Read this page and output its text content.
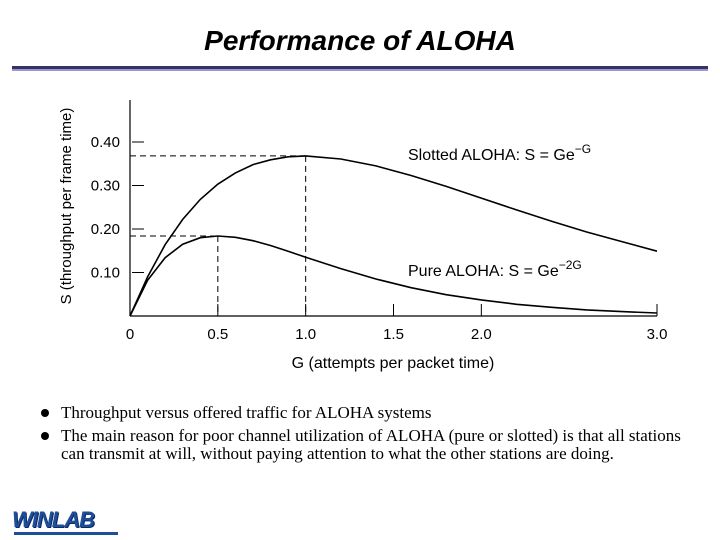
Performance of ALOHA
0.10
0.20
0.30
0.40
0	0.5	1.0	1.5	2.0	3.0
G (attempts per packet time)
S (throughput per frame time)	Slotted ALOHA: $S = Ge^{-G}$
Pure ALOHA: $S = Ge^{-2G}$
Throughput versus offered traffic for ALOHA systems
The main reason for poor channel utilization of ALOHA (pure or slotted) is that all stations can transmit at will, without paying attention to what the other stations are doing.
WINLAB
